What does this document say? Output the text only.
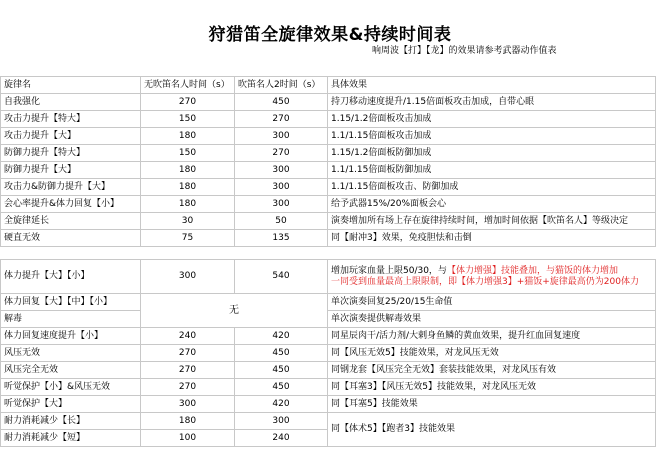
狩猎笛全旋律效果&持续时间表
响周波【打】【龙】的效果请参考武器动作值表
旋律名	无吹笛名人时间（s）	吹笛名人2时间（s）	具体效果
自我强化	270	450	持刀移动速度提升/1.15倍面板攻击加成，自带心眼
攻击力提升【特大】	150	270	1.15/1.2倍面板攻击加成
攻击力提升【大】	180	300	1.1/1.15倍面板攻击加成
防御力提升【特大】	150	270	1.15/1.2倍面板防御加成
防御力提升【大】	180	300	1.1/1.15倍面板防御加成
攻击力&防御力提升【大】	180	300	1.1/1.15倍面板攻击、防御加成
会心率提升&体力回复【小】	180	300	给予武器15%/20%面板会心
全旋律延长	30	50	演奏增加所有场上存在旋律持续时间，增加时间依据【吹笛名人】等级决定
硬直无效	75	135	同【耐冲3】效果，免疫胆怯和击倒

体力提升【大】【小】	300	540	增加玩家血量上限50/30，与【体力增强】技能叠加，与猫饭的体力增加
一同受到血量最高上限限制，即【体力增强3】+猫饭+旋律最高仍为200体力
体力回复【大】【中】【小】	无		单次演奏回复25/20/15生命值
解毒			单次演奏提供解毒效果
体力回复速度提升【小】	240	420	同星辰肉干/活力剂/大剌身鱼鳞的黄血效果，提升红血回复速度
风压无效	270	450	同【风压无效5】技能效果，对龙风压无效
风压完全无效	270	450	同钢龙套【风压完全无效】套装技能效果，对龙风压有效
听觉保护【小】&风压无效	270	450	同【耳塞3】【风压无效5】技能效果，对龙风压无效
听觉保护【大】	300	420	同【耳塞5】技能效果
耐力消耗减少【长】	180	300	同【体术5】【跑者3】技能效果
耐力消耗减少【短】	100	240	
